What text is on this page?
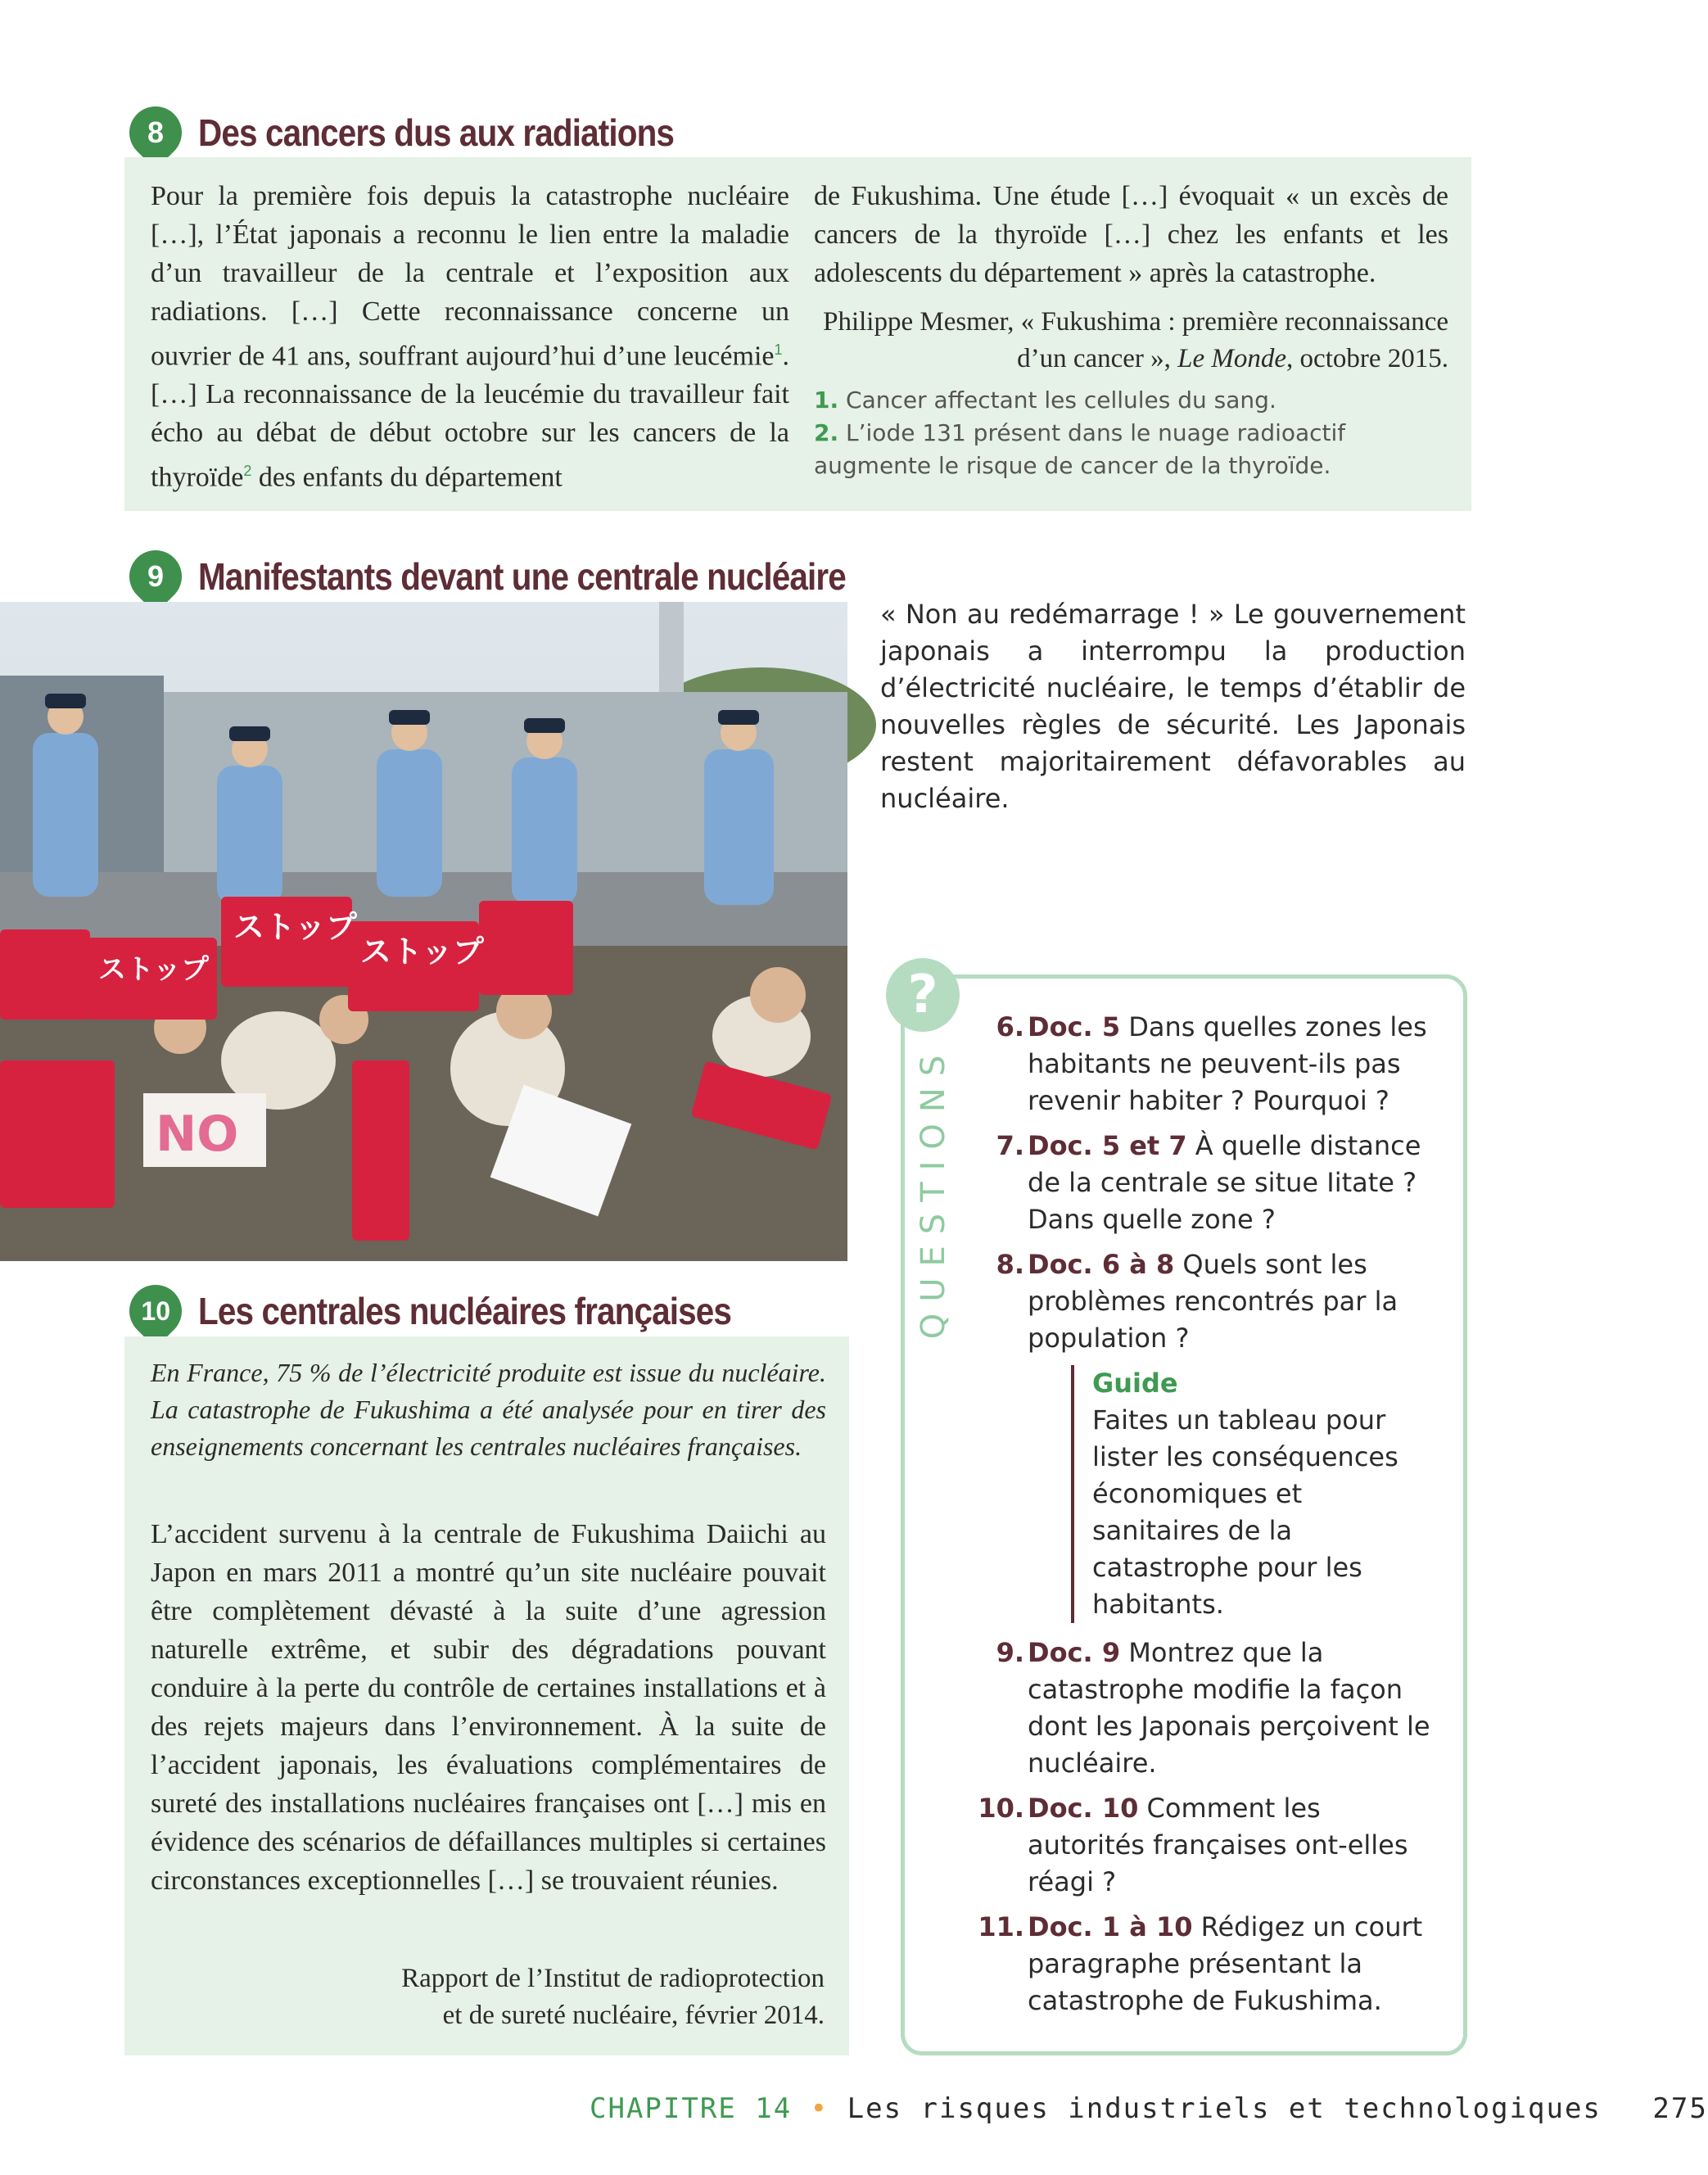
8 Des cancers dus aux radiations

Pour la première fois depuis la catastrophe nucléaire […], l’État japonais a reconnu le lien entre la maladie d’un travailleur de la centrale et l’exposition aux radiations. […] Cette reconnaissance concerne un ouvrier de 41 ans, souffrant aujourd’hui d’une leucémie$^1$. […] La reconnaissance de la leucémie du travailleur fait écho au débat de début octobre sur les cancers de la thyroïde$^2$ des enfants du département

de Fukushima. Une étude […] évoquait « un excès de cancers de la thyroïde […] chez les enfants et les adolescents du département » après la catastrophe.

Philippe Mesmer, « Fukushima : première reconnaissance d’un cancer », Le Monde, octobre 2015.

1. Cancer affectant les cellules du sang.

2. L’iode 131 présent dans le nuage radioactif augmente le risque de cancer de la thyroïde.

9 Manifestants devant une centrale nucléaire
ストップ
ストップ
ストップ
NO
« Non au redémarrage ! » Le gouvernement japonais a interrompu la production d’électricité nucléaire, le temps d’établir de nouvelles règles de sécurité. Les Japonais restent majoritairement défavorables au nucléaire.
10 Les centrales nucléaires françaises

En France, 75 % de l’électricité produite est issue du nucléaire. La catastrophe de Fukushima a été analysée pour en tirer des enseignements concernant les centrales nucléaires françaises.

L’accident survenu à la centrale de Fukushima Daiichi au Japon en mars 2011 a montré qu’un site nucléaire pouvait être complètement dévasté à la suite d’une agression naturelle extrême, et subir des dégradations pouvant conduire à la perte du contrôle de certaines installations et à des rejets majeurs dans l’environnement. À la suite de l’accident japonais, les évaluations complémentaires de sureté des installations nucléaires françaises ont […] mis en évidence des scénarios de défaillances multiples si certaines circonstances exceptionnelles […] se trouvaient réunies.

Rapport de l’Institut de radioprotection

et de sureté nucléaire, février 2014.

?
QUESTIONS
6. Doc. 5 Dans quelles zones les habitants ne peuvent-ils pas revenir habiter ? Pourquoi ?
7. Doc. 5 et 7 À quelle distance de la centrale se situe Iitate ? Dans quelle zone ?
8. Doc. 6 à 8 Quels sont les problèmes rencontrés par la population ?
Guide
Faites un tableau pour lister les conséquences économiques et sanitaires de la catastrophe pour les habitants.
9. Doc. 9 Montrez que la catastrophe modifie la façon dont les Japonais perçoivent le nucléaire.
10. Doc. 10 Comment les autorités françaises ont-elles réagi ?
11. Doc. 1 à 10 Rédigez un court paragraphe présentant la catastrophe de Fukushima.
CHAPITRE 14 • Les risques industriels et technologiques 275
